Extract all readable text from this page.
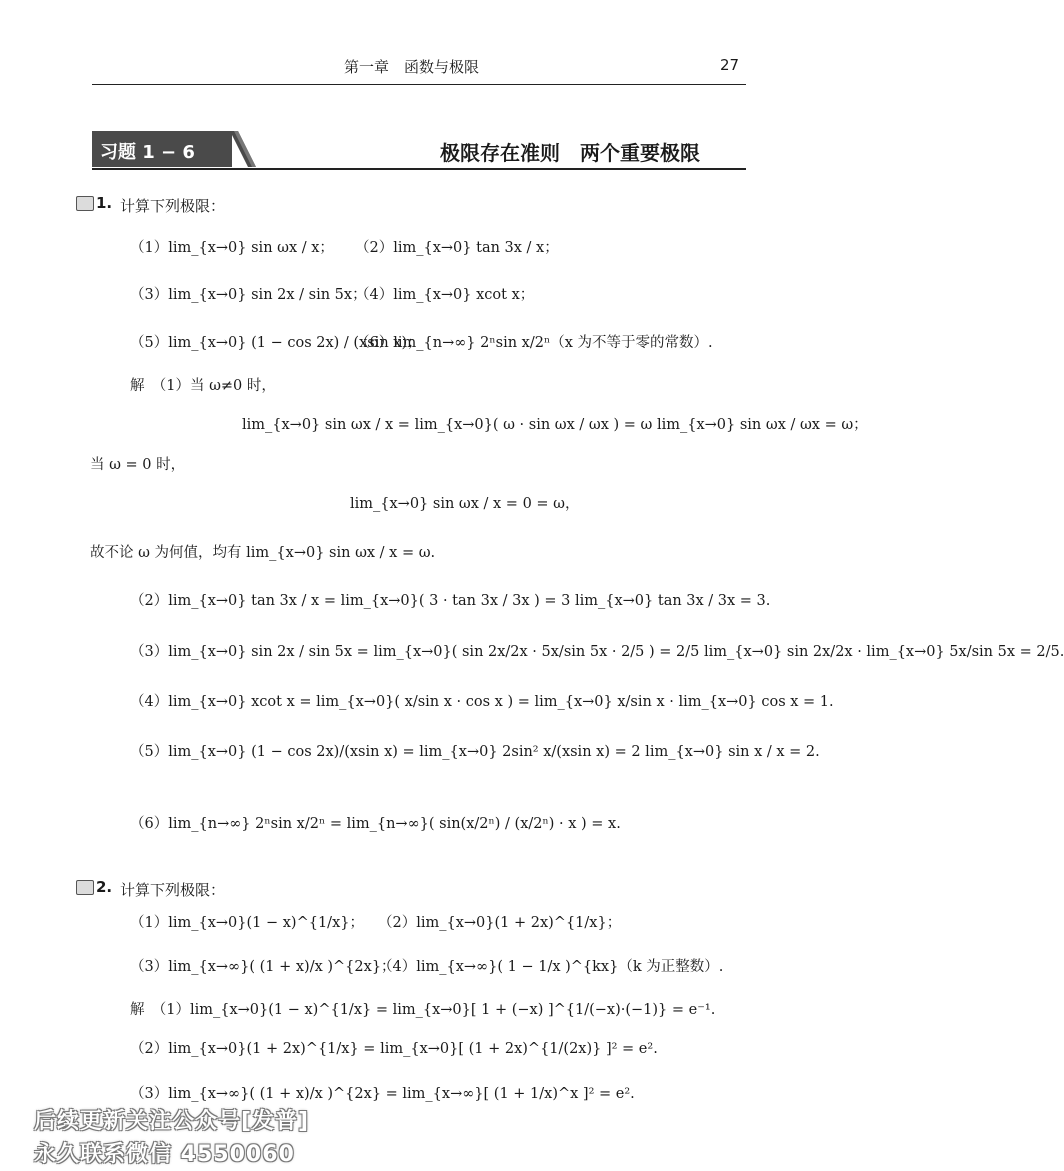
第一章　函数与极限	27
习题 1 − 6	极限存在准则　两个重要极限
1. 计算下列极限：
（1）lim_{x→0} sin ωx / x； （2）lim_{x→0} tan 3x / x；
（3）lim_{x→0} sin 2x / sin 5x；
（4）lim_{x→0} xcot x；
（5）lim_{x→0} (1 − cos 2x) / (xsin x)；
（6）lim_{n→∞} 2ⁿsin x/2ⁿ（x 为不等于零的常数）.
解　（1）当 ω≠0 时，
lim_{x→0} sin ωx / x = lim_{x→0}( ω · sin ωx / ωx ) = ω lim_{x→0} sin ωx / ωx = ω；
当 ω = 0 时，
lim_{x→0} sin ωx / x = 0 = ω，
故不论 ω 为何值，均有 lim_{x→0} sin ωx / x = ω.
（2）lim_{x→0} tan 3x / x = lim_{x→0}( 3 · tan 3x / 3x ) = 3 lim_{x→0} tan 3x / 3x = 3.
（3）lim_{x→0} sin 2x / sin 5x = lim_{x→0}( sin 2x/2x · 5x/sin 5x · 2/5 ) = 2/5 lim_{x→0} sin 2x/2x · lim_{x→0} 5x/sin 5x = 2/5.
（4）lim_{x→0} xcot x = lim_{x→0}( x/sin x · cos x ) = lim_{x→0} x/sin x · lim_{x→0} cos x = 1.
（5）lim_{x→0} (1 − cos 2x)/(xsin x) = lim_{x→0} 2sin² x/(xsin x) = 2 lim_{x→0} sin x / x = 2.
（6）lim_{n→∞} 2ⁿsin x/2ⁿ = lim_{n→∞}( sin(x/2ⁿ) / (x/2ⁿ) · x ) = x.
2. 计算下列极限：
（1）lim_{x→0}(1 − x)^{1/x}； （2）lim_{x→0}(1 + 2x)^{1/x}；
（3）lim_{x→∞}( (1 + x)/x )^{2x}；
（4）lim_{x→∞}( 1 − 1/x )^{kx}（k 为正整数）.
解　（1）lim_{x→0}(1 − x)^{1/x} = lim_{x→0}[ 1 + (−x) ]^{1/(−x)·(−1)} = e⁻¹.
（2）lim_{x→0}(1 + 2x)^{1/x} = lim_{x→0}[ (1 + 2x)^{1/(2x)} ]² = e².
（3）lim_{x→∞}( (1 + x)/x )^{2x} = lim_{x→∞}[ (1 + 1/x)^x ]² = e².
后续更新关注公众号[发普]
永久联系微信 4550060
